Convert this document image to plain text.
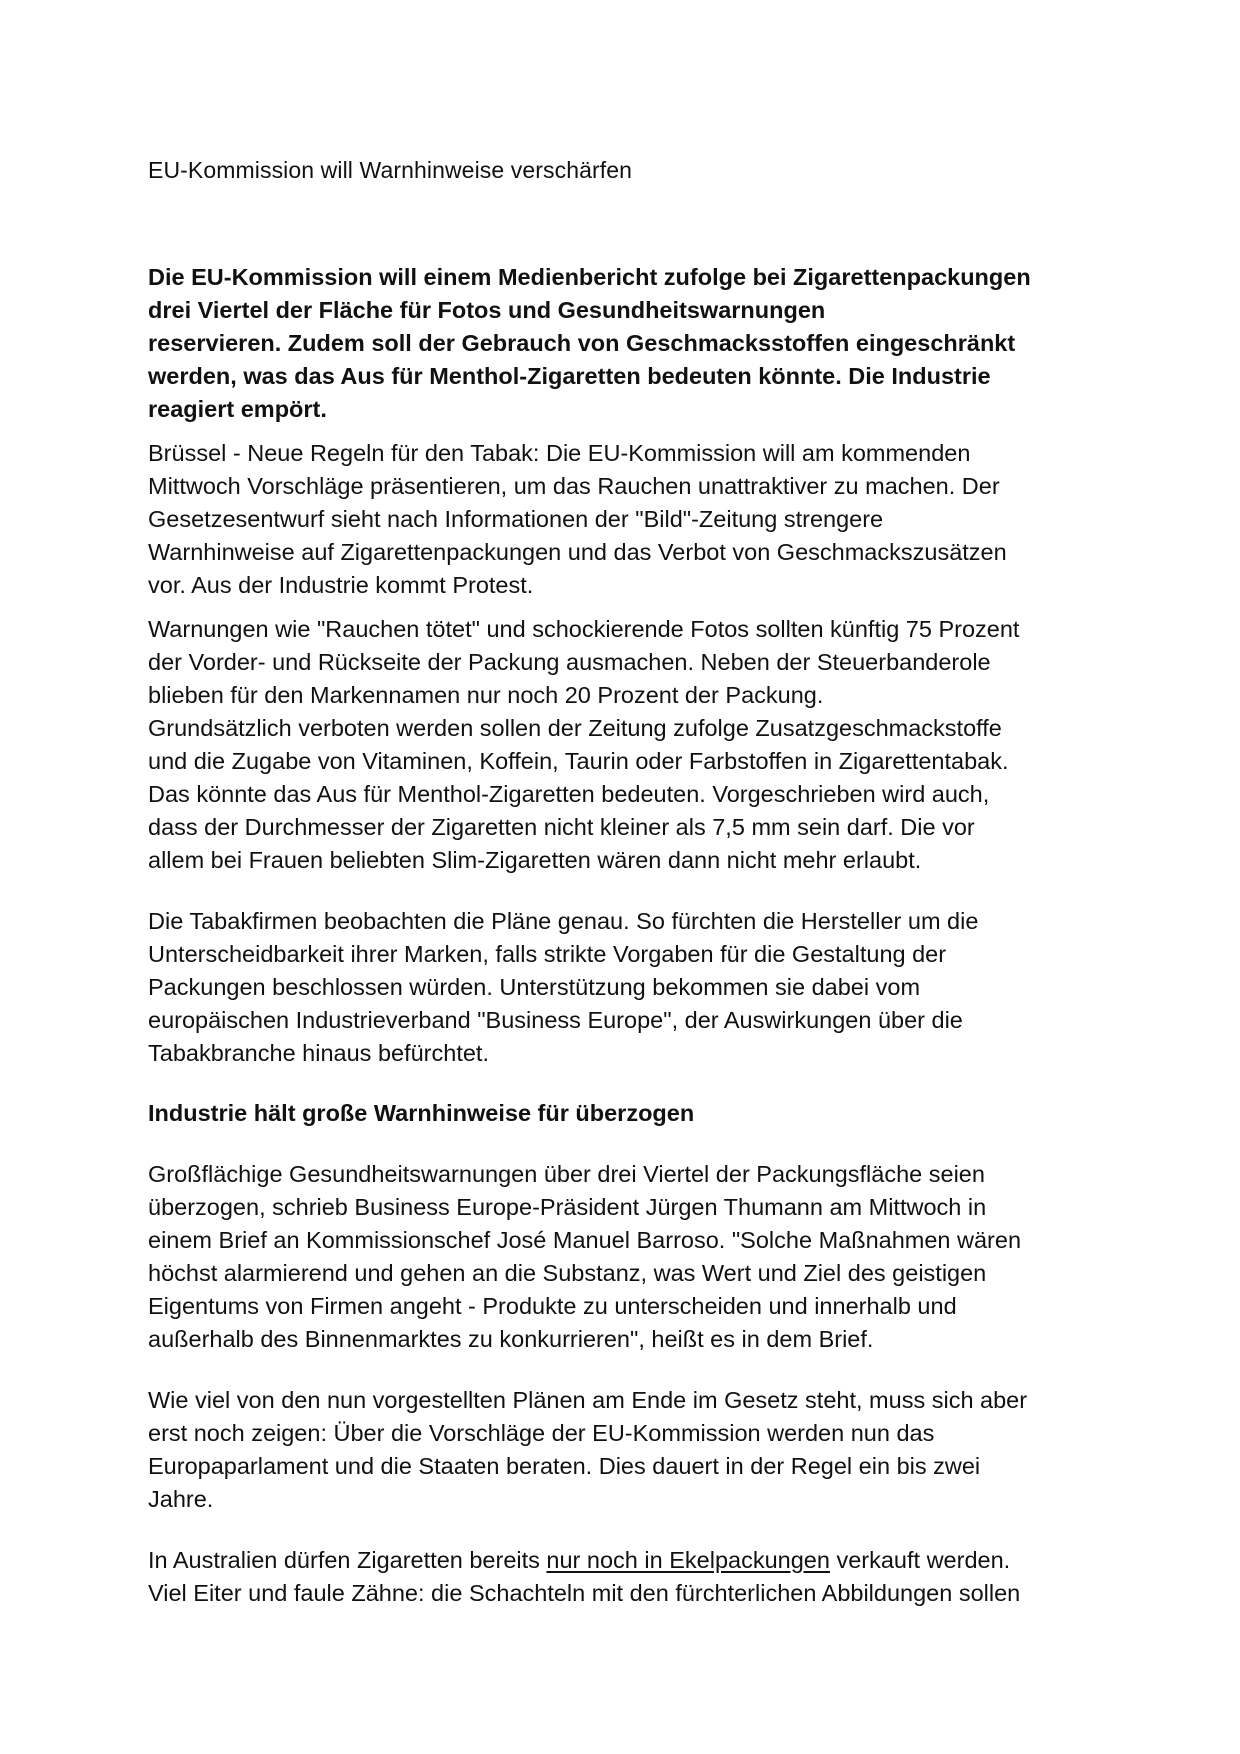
EU-Kommission will Warnhinweise verschärfen
Die EU-Kommission will einem Medienbericht zufolge bei Zigarettenpackungen
drei Viertel der Fläche für Fotos und Gesundheitswarnungen
reservieren. Zudem soll der Gebrauch von Geschmacksstoffen eingeschränkt
werden, was das Aus für Menthol-Zigaretten bedeuten könnte. Die Industrie
reagiert empört.
Brüssel - Neue Regeln für den Tabak: Die EU-Kommission will am kommenden
Mittwoch Vorschläge präsentieren, um das Rauchen unattraktiver zu machen. Der
Gesetzesentwurf sieht nach Informationen der "Bild"-Zeitung strengere
Warnhinweise auf Zigarettenpackungen und das Verbot von Geschmackszusätzen
vor. Aus der Industrie kommt Protest.
Warnungen wie "Rauchen tötet" und schockierende Fotos sollten künftig 75 Prozent
der Vorder- und Rückseite der Packung ausmachen. Neben der Steuerbanderole
blieben für den Markennamen nur noch 20 Prozent der Packung.
Grundsätzlich verboten werden sollen der Zeitung zufolge Zusatzgeschmackstoffe
und die Zugabe von Vitaminen, Koffein, Taurin oder Farbstoffen in Zigarettentabak.
Das könnte das Aus für Menthol-Zigaretten bedeuten. Vorgeschrieben wird auch,
dass der Durchmesser der Zigaretten nicht kleiner als 7,5 mm sein darf. Die vor
allem bei Frauen beliebten Slim-Zigaretten wären dann nicht mehr erlaubt.
Die Tabakfirmen beobachten die Pläne genau. So fürchten die Hersteller um die
Unterscheidbarkeit ihrer Marken, falls strikte Vorgaben für die Gestaltung der
Packungen beschlossen würden. Unterstützung bekommen sie dabei vom
europäischen Industrieverband "Business Europe", der Auswirkungen über die
Tabakbranche hinaus befürchtet.
Industrie hält große Warnhinweise für überzogen
Großflächige Gesundheitswarnungen über drei Viertel der Packungsfläche seien
überzogen, schrieb Business Europe-Präsident Jürgen Thumann am Mittwoch in
einem Brief an Kommissionschef José Manuel Barroso. "Solche Maßnahmen wären
höchst alarmierend und gehen an die Substanz, was Wert und Ziel des geistigen
Eigentums von Firmen angeht - Produkte zu unterscheiden und innerhalb und
außerhalb des Binnenmarktes zu konkurrieren", heißt es in dem Brief.
Wie viel von den nun vorgestellten Plänen am Ende im Gesetz steht, muss sich aber
erst noch zeigen: Über die Vorschläge der EU-Kommission werden nun das
Europaparlament und die Staaten beraten. Dies dauert in der Regel ein bis zwei
Jahre.
In Australien dürfen Zigaretten bereits nur noch in Ekelpackungen verkauft werden.
Viel Eiter und faule Zähne: die Schachteln mit den fürchterlichen Abbildungen sollen
